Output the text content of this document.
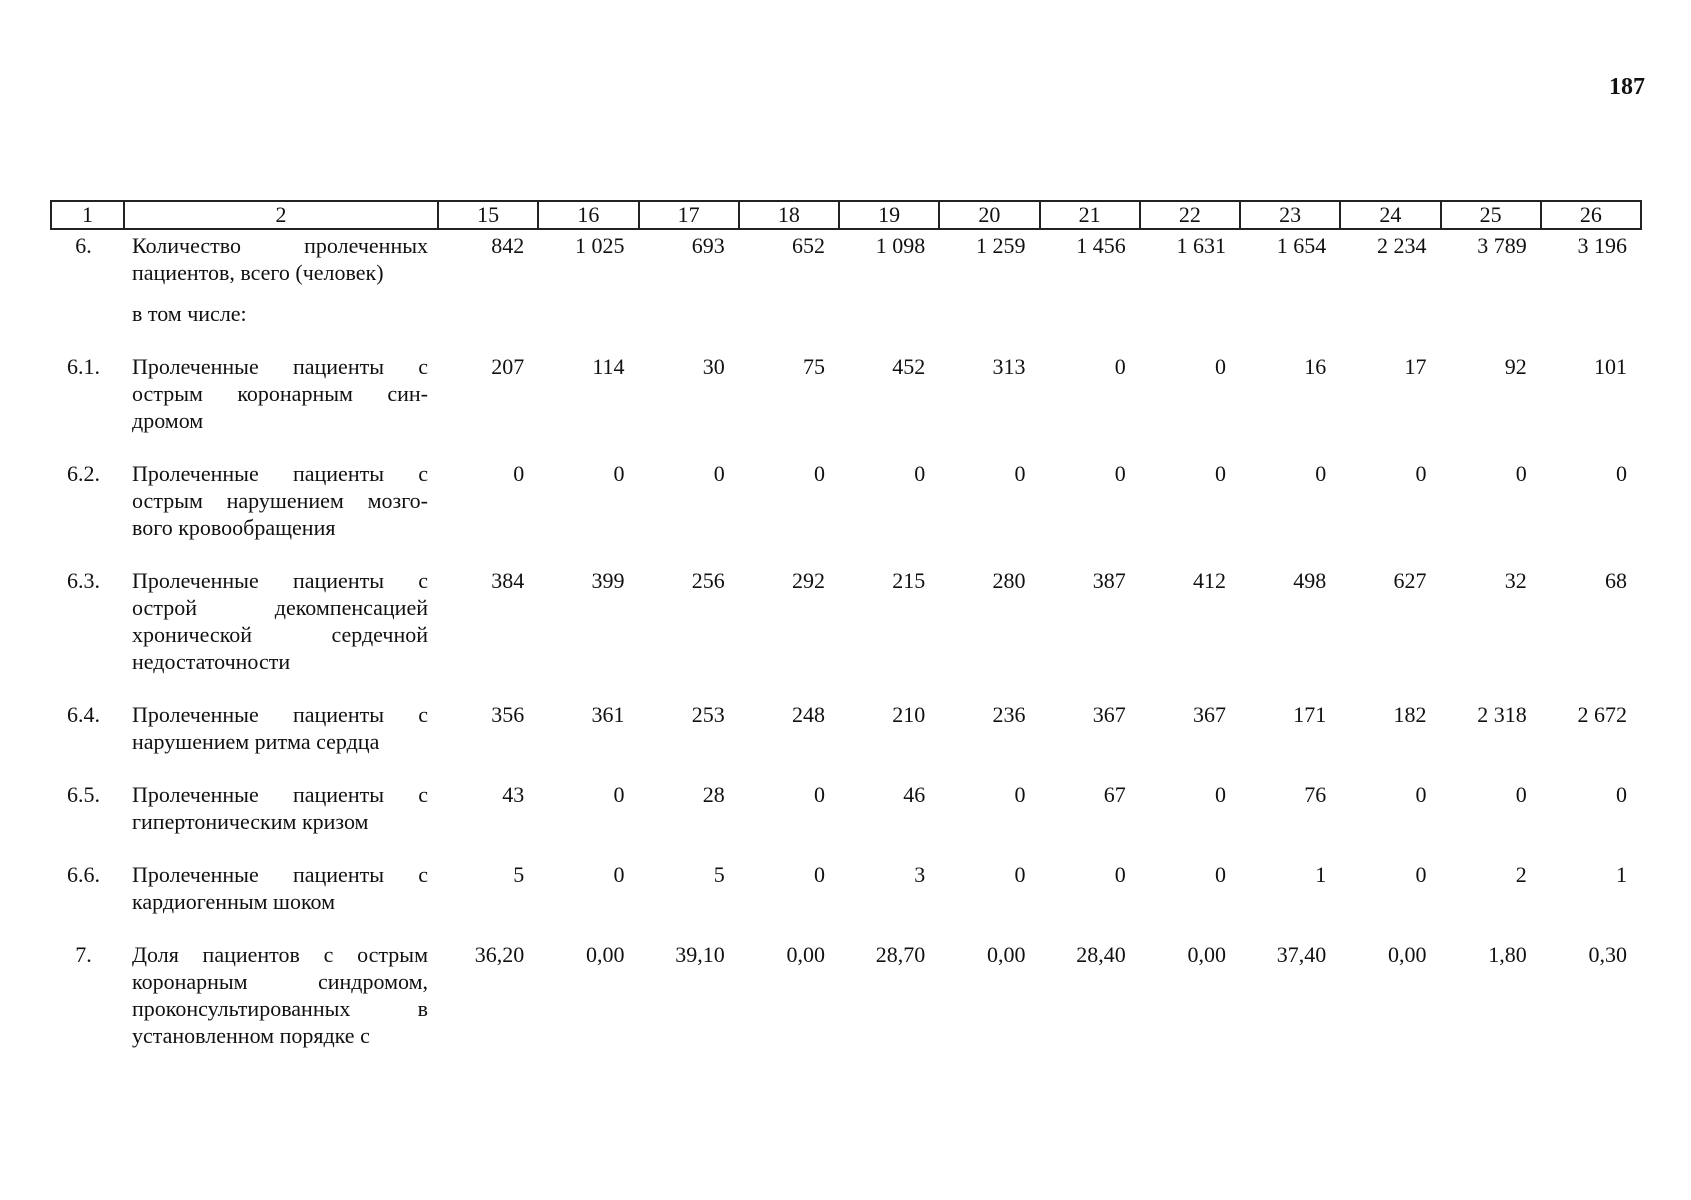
187
1	2	15	16	17	18	19	20	21	22	23	24	25	26
6.	Количество пролеченных пациентов, всего (человек)	842	1 025	693	652	1 098	1 259	1 456	1 631	1 654	2 234	3 789	3 196
	в том числе:												
6.1.	Пролеченные пациенты с острым коронарным син-дромом	207	114	30	75	452	313	0	0	16	17	92	101
6.2.	Пролеченные пациенты с острым нарушением мозго-вого кровообращения	0	0	0	0	0	0	0	0	0	0	0	0
6.3.	Пролеченные пациенты с острой декомпенсацией хронической сердечной недостаточности	384	399	256	292	215	280	387	412	498	627	32	68
6.4.	Пролеченные пациенты с нарушением ритма сердца	356	361	253	248	210	236	367	367	171	182	2 318	2 672
6.5.	Пролеченные пациенты с гипертоническим кризом	43	0	28	0	46	0	67	0	76	0	0	0
6.6.	Пролеченные пациенты с кардиогенным шоком	5	0	5	0	3	0	0	0	1	0	2	1
7.	Доля пациентов с острым коронарным синдромом, проконсультированных в установленном порядке с	36,20	0,00	39,10	0,00	28,70	0,00	28,40	0,00	37,40	0,00	1,80	0,30
